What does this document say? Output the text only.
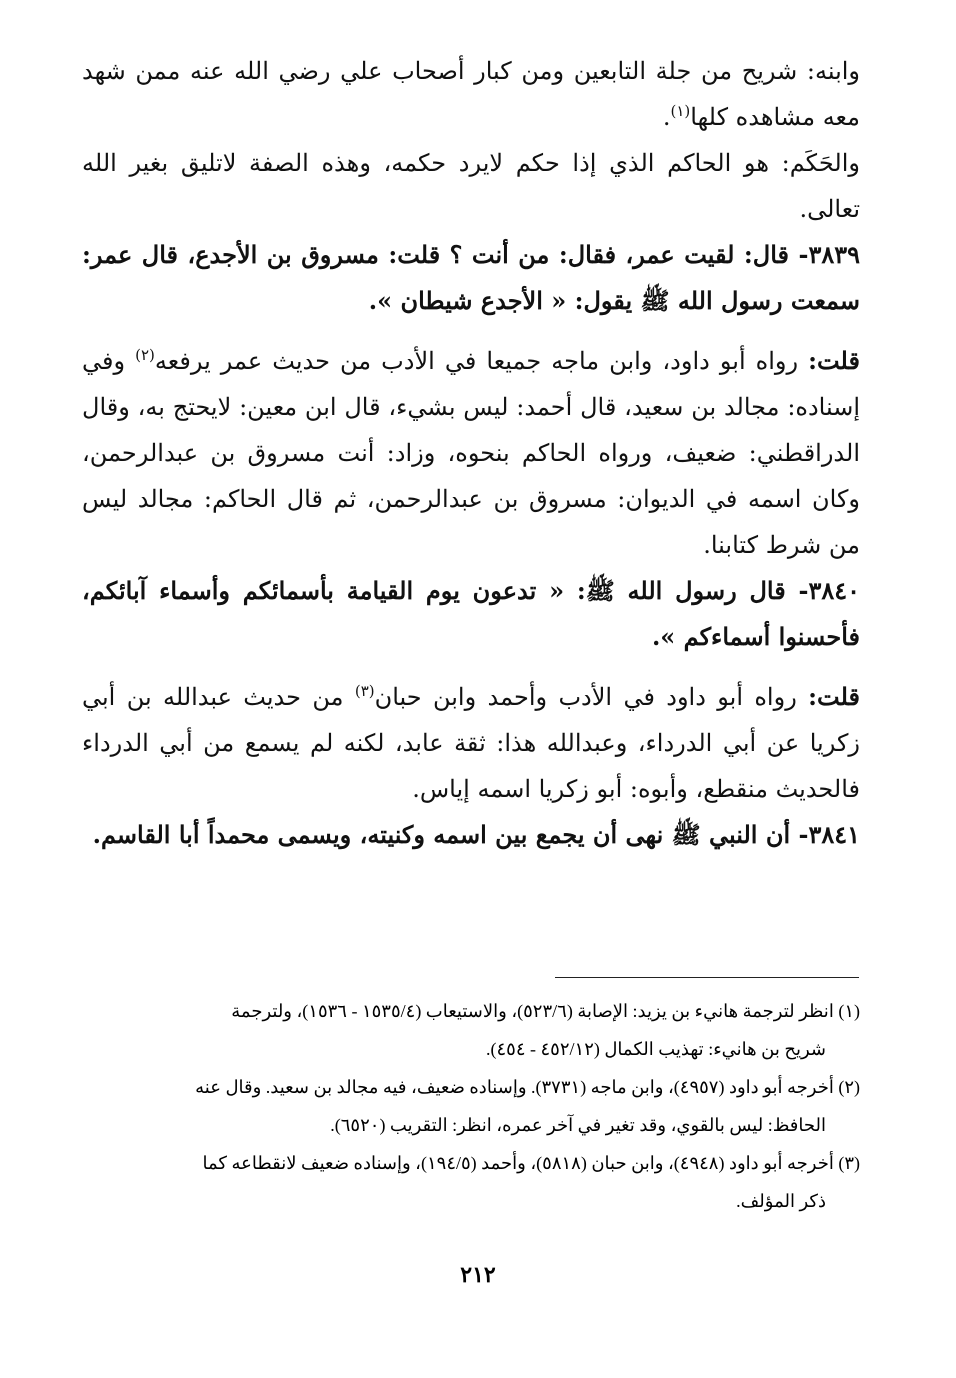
وابنه: شريح من جلة التابعين ومن كبار أصحاب علي رضي الله عنه ممن شهد معه مشاهده كلها$^{(١)}$.

والحَكَم: هو الحاكم الذي إذا حكم لايرد حكمه، وهذه الصفة لاتليق بغير الله تعالى.

٣٨٣٩- قال: لقيت عمر، فقال: من أنت ؟ قلت: مسروق بن الأجدع، قال عمر: سمعت رسول الله ﷺ يقول: « الأجدع شيطان ».

قلت: رواه أبو داود، وابن ماجه جميعا في الأدب من حديث عمر يرفعه$^{(٢)}$ وفي إسناده: مجالد بن سعيد، قال أحمد: ليس بشيء، قال ابن معين: لايحتج به، وقال الدراقطني: ضعيف، ورواه الحاكم بنحوه، وزاد: أنت مسروق بن عبدالرحمن، وكان اسمه في الديوان: مسروق بن عبدالرحمن، ثم قال الحاكم: مجالد ليس من شرط كتابنا.

٣٨٤٠- قال رسول الله ﷺ: « تدعون يوم القيامة بأسمائكم وأسماء آبائكم، فأحسنوا أسماءكم ».

قلت: رواه أبو داود في الأدب وأحمد وابن حبان$^{(٣)}$ من حديث عبدالله بن أبي زكريا عن أبي الدرداء، وعبدالله هذا: ثقة عابد، لكنه لم يسمع من أبي الدرداء فالحديث منقطع، وأبوه: أبو زكريا اسمه إياس.

٣٨٤١- أن النبي ﷺ نهى أن يجمع بين اسمه وكنيته، ويسمى محمداً أبا القاسم.

(١) انظر لترجمة هانيء بن يزيد: الإصابة (٥٢٣/٦)، والاستيعاب (١٥٣٥/٤ - ١٥٣٦)، ولترجمة
شريح بن هانيء: تهذيب الكمال (٤٥٢/١٢ - ٤٥٤).

(٢) أخرجه أبو داود (٤٩٥٧)، وابن ماجه (٣٧٣١). وإسناده ضعيف، فيه مجالد بن سعيد. وقال عنه
الحافظ: ليس بالقوي، وقد تغير في آخر عمره، انظر: التقريب (٦٥٢٠).

(٣) أخرجه أبو داود (٤٩٤٨)، وابن حبان (٥٨١٨)، وأحمد (١٩٤/٥)، وإسناده ضعيف لانقطاعه كما
ذكر المؤلف.

٢١٢
